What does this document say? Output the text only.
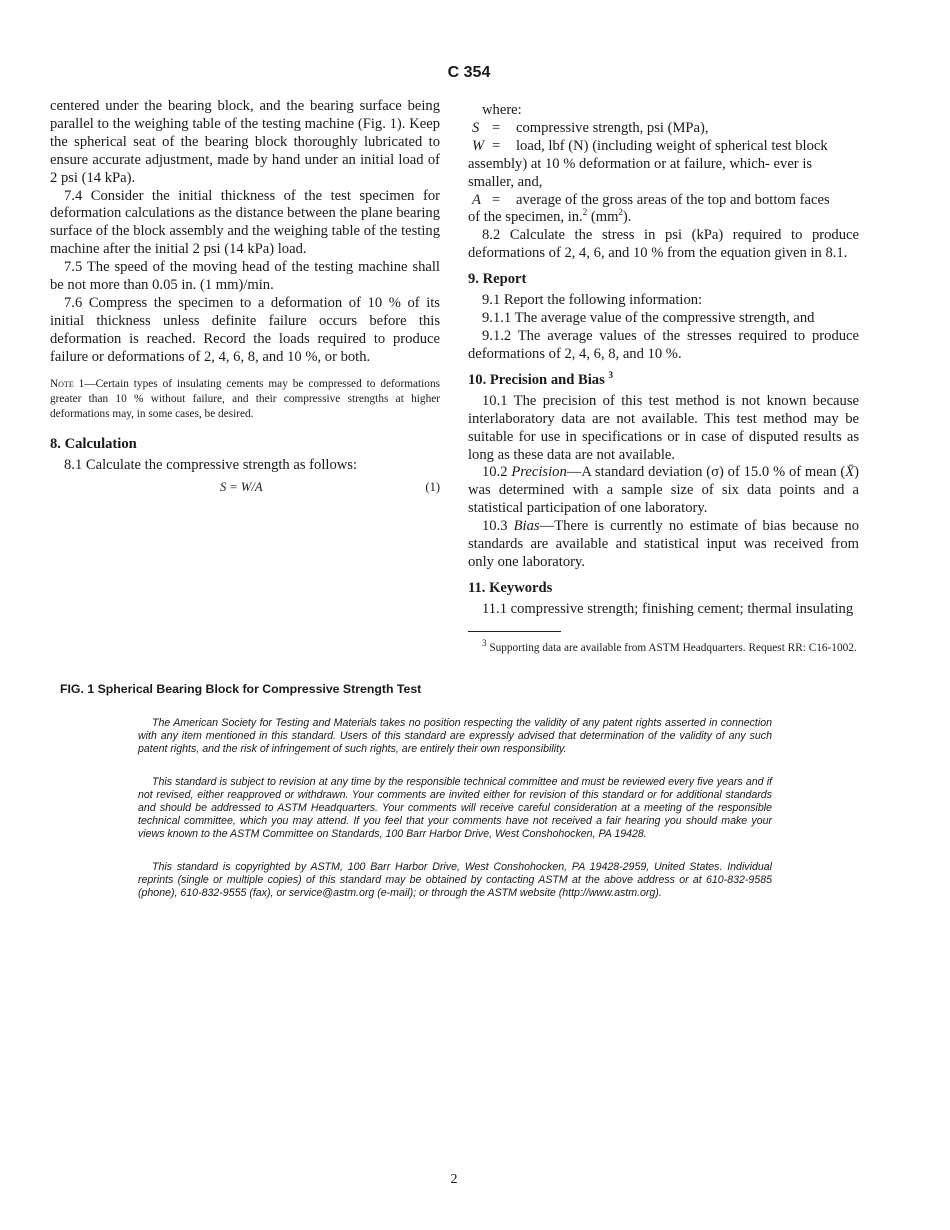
C 354

centered under the bearing block, and the bearing surface being parallel to the weighing table of the testing machine (Fig. 1). Keep the spherical seat of the bearing block thoroughly lubricated to ensure accurate adjustment, made by hand under an initial load of 2 psi (14 kPa).

7.4 Consider the initial thickness of the test specimen for deformation calculations as the distance between the plane bearing surface of the block assembly and the weighing table of the testing machine after the initial 2 psi (14 kPa) load.

7.5 The speed of the moving head of the testing machine shall be not more than 0.05 in. (1 mm)/min.

7.6 Compress the specimen to a deformation of 10 % of its initial thickness unless definite failure occurs before this deformation is reached. Record the loads required to produce failure or deformations of 2, 4, 6, 8, and 10 %, or both.

Note 1—Certain types of insulating cements may be compressed to deformations greater than 10 % without failure, and their compressive strengths at higher deformations may, in some cases, be desired.
8. Calculation

8.1 Calculate the compressive strength as follows:

S = W/A	(1)

where:

S =	compressive strength, psi (MPa),
W =	load, lbf (N) (including weight of spherical test block
assembly) at 10 % deformation or at failure, which- ever is smaller, and,
A =	average of the gross areas of the top and bottom faces
of the specimen, in.$^2$ $(mm^2)$.

8.2 Calculate the stress in psi (kPa) required to produce deformations of 2, 4, 6, and 10 % from the equation given in 8.1.

9. Report

9.1 Report the following information:

9.1.1 The average value of the compressive strength, and

9.1.2 The average values of the stresses required to produce deformations of 2, 4, 6, 8, and 10 %.

10. Precision and Bias $^3$

10.1 The precision of this test method is not known because interlaboratory data are not available. This test method may be suitable for use in specifications or in case of disputed results as long as these data are not available.

10.2 Precision—A standard deviation (σ) of 15.0 % of mean (X̄) was determined with a sample size of six data points and a statistical participation of one laboratory.

10.3 Bias—There is currently no estimate of bias because no standards are available and statistical input was received from only one laboratory.

11. Keywords

11.1 compressive strength; finishing cement; thermal insulating

$^3$ Supporting data are available from ASTM Headquarters. Request RR: C16-1002.
FIG. 1 Spherical Bearing Block for Compressive Strength Test

The American Society for Testing and Materials takes no position respecting the validity of any patent rights asserted in connection with any item mentioned in this standard. Users of this standard are expressly advised that determination of the validity of any such patent rights, and the risk of infringement of such rights, are entirely their own responsibility.

This standard is subject to revision at any time by the responsible technical committee and must be reviewed every five years and if not revised, either reapproved or withdrawn. Your comments are invited either for revision of this standard or for additional standards and should be addressed to ASTM Headquarters. Your comments will receive careful consideration at a meeting of the responsible technical committee, which you may attend. If you feel that your comments have not received a fair hearing you should make your views known to the ASTM Committee on Standards, 100 Barr Harbor Drive, West Conshohocken, PA 19428.

This standard is copyrighted by ASTM, 100 Barr Harbor Drive, West Conshohocken, PA 19428-2959, United States. Individual reprints (single or multiple copies) of this standard may be obtained by contacting ASTM at the above address or at 610-832-9585 (phone), 610-832-9555 (fax), or service@astm.org (e-mail); or through the ASTM website (http://www.astm.org).

2
